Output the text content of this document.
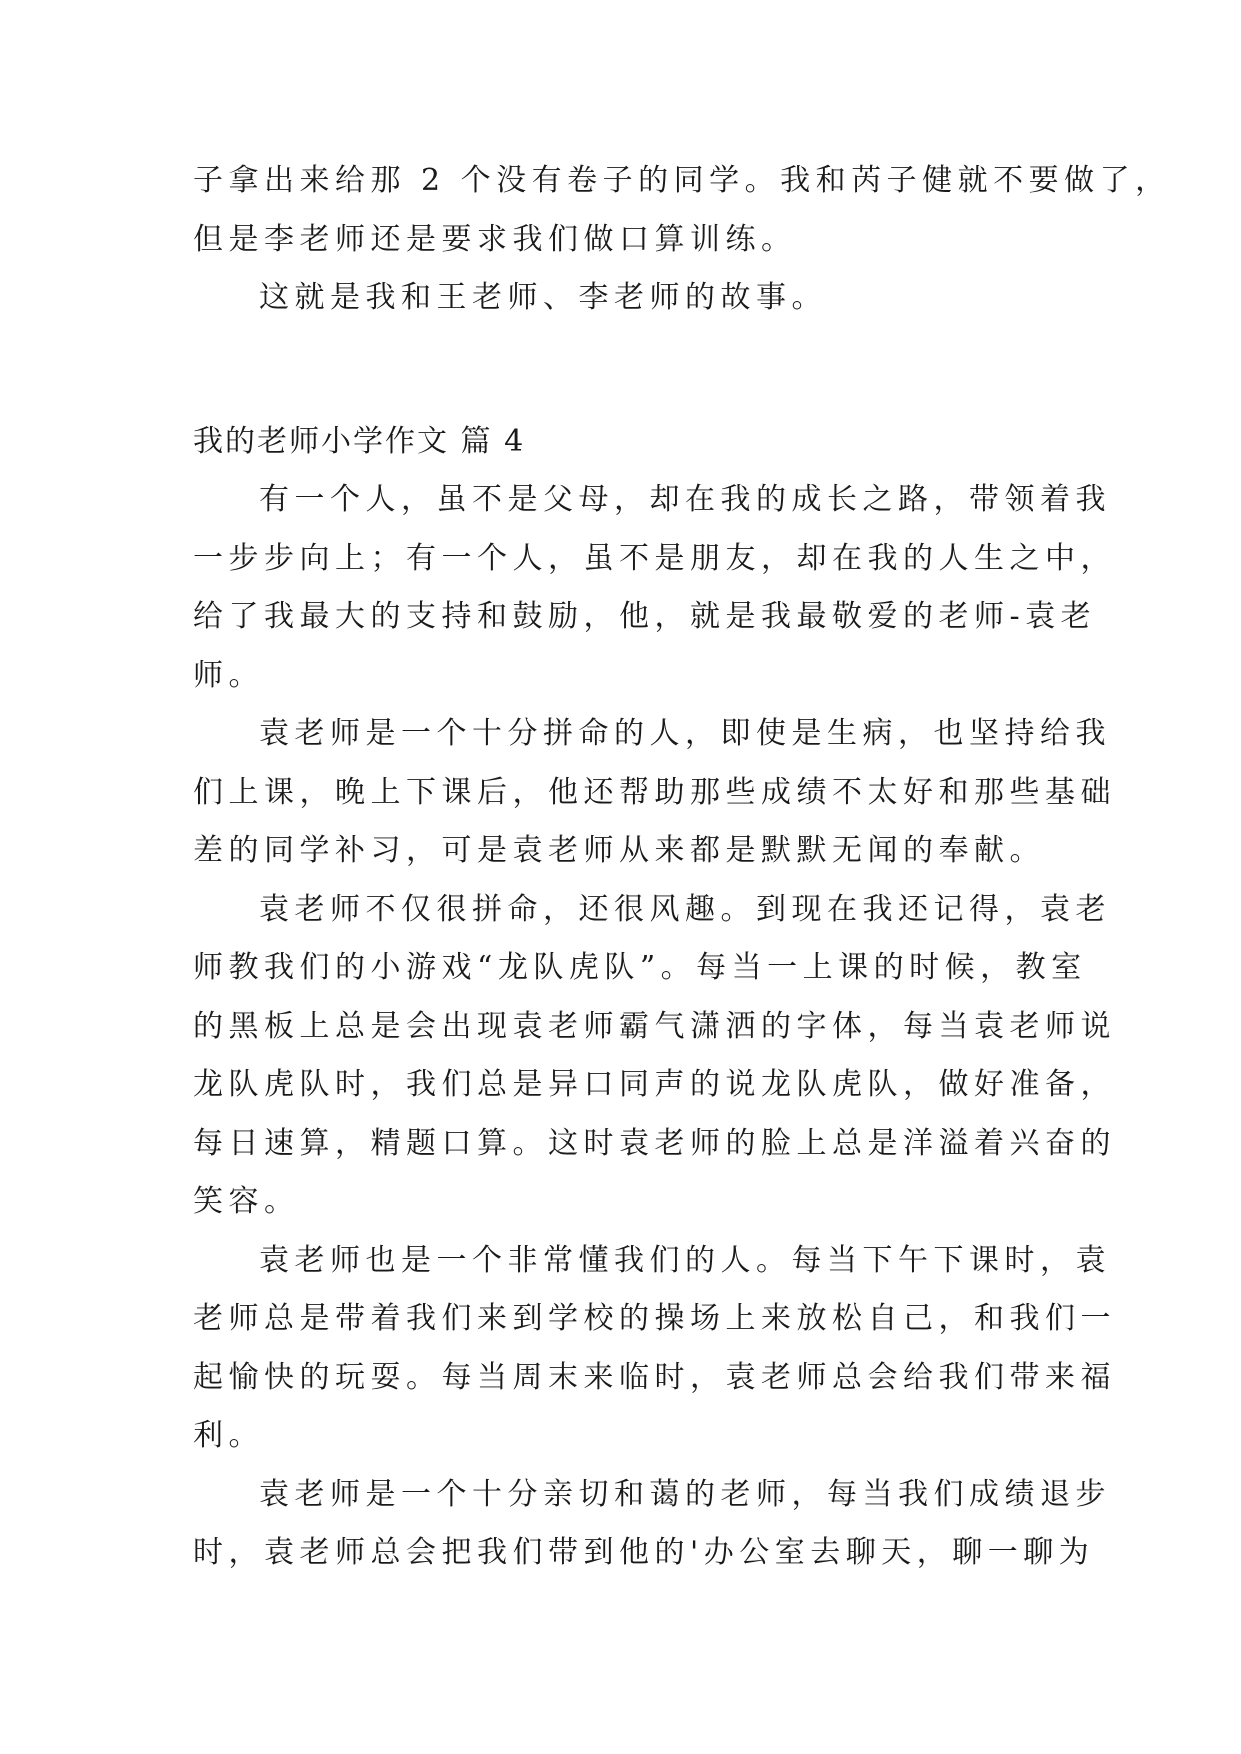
子拿出来给那 2 个没有卷子的同学。我和芮子健就不要做了，
但是李老师还是要求我们做口算训练。
这就是我和王老师、李老师的故事。
我的老师小学作文 篇 4
有一个人，虽不是父母，却在我的成长之路，带领着我
一步步向上；有一个人，虽不是朋友，却在我的人生之中，
给了我最大的支持和鼓励，他，就是我最敬爱的老师-袁老
师。
袁老师是一个十分拼命的人，即使是生病，也坚持给我
们上课，晚上下课后，他还帮助那些成绩不太好和那些基础
差的同学补习，可是袁老师从来都是默默无闻的奉献。
袁老师不仅很拼命，还很风趣。到现在我还记得，袁老
师教我们的小游戏“龙队虎队”。每当一上课的时候，教室
的黑板上总是会出现袁老师霸气潇洒的字体，每当袁老师说
龙队虎队时，我们总是异口同声的说龙队虎队，做好准备，
每日速算，精题口算。这时袁老师的脸上总是洋溢着兴奋的
笑容。
袁老师也是一个非常懂我们的人。每当下午下课时，袁
老师总是带着我们来到学校的操场上来放松自己，和我们一
起愉快的玩耍。每当周末来临时，袁老师总会给我们带来福
利。
袁老师是一个十分亲切和蔼的老师，每当我们成绩退步
时，袁老师总会把我们带到他的'办公室去聊天，聊一聊为
